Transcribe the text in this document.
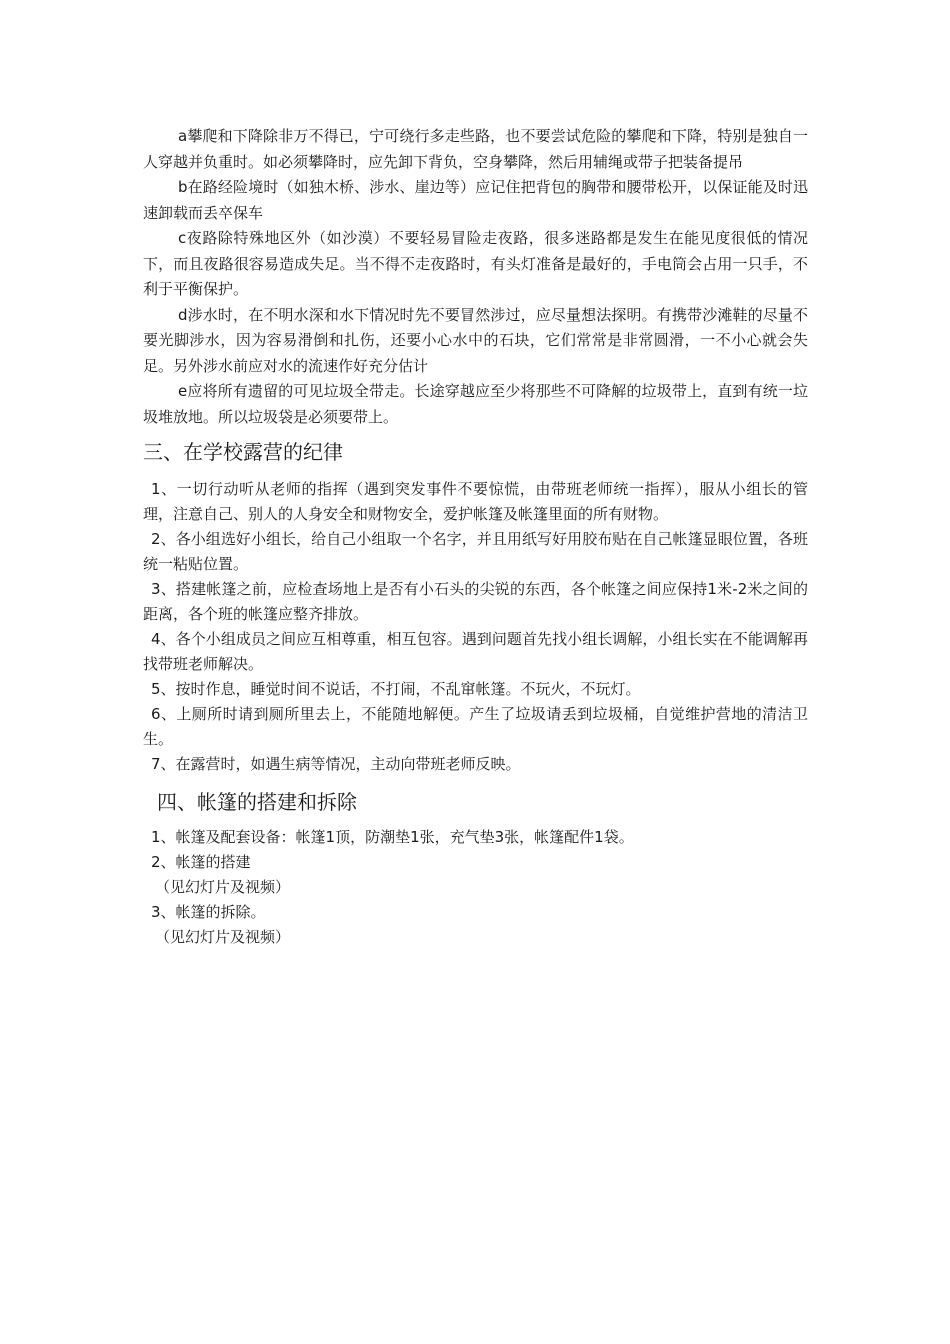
a攀爬和下降除非万不得已，宁可绕行多走些路，也不要尝试危险的攀爬和下降，特别是独自一人穿越并负重时。如必须攀降时，应先卸下背负，空身攀降，然后用辅绳或带子把装备提吊

b在路经险境时（如独木桥、涉水、崖边等）应记住把背包的胸带和腰带松开，以保证能及时迅速卸载而丢卒保车

c夜路除特殊地区外（如沙漠）不要轻易冒险走夜路，很多迷路都是发生在能见度很低的情况下，而且夜路很容易造成失足。当不得不走夜路时，有头灯准备是最好的，手电筒会占用一只手，不利于平衡保护。

d涉水时，在不明水深和水下情况时先不要冒然涉过，应尽量想法探明。有携带沙滩鞋的尽量不要光脚涉水，因为容易滑倒和扎伤，还要小心水中的石块，它们常常是非常圆滑，一不小心就会失足。另外涉水前应对水的流速作好充分估计

e应将所有遗留的可见垃圾全带走。长途穿越应至少将那些不可降解的垃圾带上，直到有统一垃圾堆放地。所以垃圾袋是必须要带上。

三、在学校露营的纪律

1、一切行动听从老师的指挥（遇到突发事件不要惊慌，由带班老师统一指挥），服从小组长的管理，注意自己、别人的人身安全和财物安全，爱护帐篷及帐篷里面的所有财物。

2、各小组选好小组长，给自己小组取一个名字，并且用纸写好用胶布贴在自己帐篷显眼位置，各班统一粘贴位置。

3、搭建帐篷之前，应检查场地上是否有小石头的尖锐的东西，各个帐篷之间应保持1米-2米之间的距离，各个班的帐篷应整齐排放。

4、各个小组成员之间应互相尊重，相互包容。遇到问题首先找小组长调解，小组长实在不能调解再找带班老师解决。

5、按时作息，睡觉时间不说话，不打闹，不乱窜帐篷。不玩火，不玩灯。

6、上厕所时请到厕所里去上，不能随地解便。产生了垃圾请丢到垃圾桶，自觉维护营地的清洁卫生。

7、在露营时，如遇生病等情况，主动向带班老师反映。

四、帐篷的搭建和拆除

1、帐篷及配套设备：帐篷1顶，防潮垫1张，充气垫3张，帐篷配件1袋。

2、帐篷的搭建

（见幻灯片及视频）

3、帐篷的拆除。

（见幻灯片及视频）
